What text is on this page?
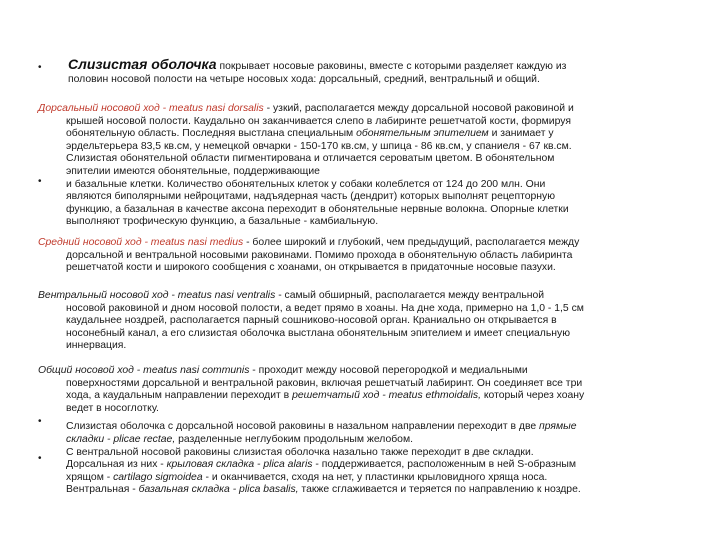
• Слизистая оболочка покрывает носовые раковины, вместе с которыми разделяет каждую из
половин носовой полости на четыре носовых хода: дорсальный, средний, вентральный и общий.
Дорсальный носовой ход - meatus nasi dorsalis - узкий, располагается между дорсальной носовой раковиной и
крышей носовой полости. Каудально он заканчивается слепо в лабиринте решетчатой кости, формируя
обонятельную область. Последняя выстлана специальным обонятельным эпителием и занимает у
эрдельтерьера 83,5 кв.см, у немецкой овчарки - 150-170 кв.см, у шпица - 86 кв.см, у спаниеля - 67 кв.см.
Слизистая обонятельной области пигментирована и отличается сероватым цветом. В обонятельном
эпителии имеются обонятельные, поддерживающие
и базальные клетки. Количество обонятельных клеток у собаки колеблется от 124 до 200 млн. Они
являются биполярными нейроцитами, надъядерная часть (дендрит) которых выполнят рецепторную
функцию, а базальная в качестве аксона переходит в обонятельные нервные волокна. Опорные клетки
выполняют трофическую функцию, а базальные - камбиальную.
•
Средний носовой ход - meatus nasi medius - более широкий и глубокий, чем предыдущий, располагается между
дорсальной и вентральной носовыми раковинами. Помимо прохода в обонятельную область лабиринта
решетчатой кости и широкого сообщения с хоанами, он открывается в придаточные носовые пазухи.
Вентральный носовой ход - meatus nasi ventralis - самый обширный, располагается между вентральной
носовой раковиной и дном носовой полости, а ведет прямо в хоаны. На дне хода, примерно на 1,0 - 1,5 см
каудальнее ноздрей, располагается парный сошниково-носовой орган. Краниально он открывается в
носонебный канал, а его слизистая оболочка выстлана обонятельным эпителием и имеет специальную
иннервация.
Общий носовой ход - meatus nasi communis - проходит между носовой перегородкой и медиальными
поверхностями дорсальной и вентральной раковин, включая решетчатый лабиринт. Он соединяет все три
хода, а каудальным направлении переходит в решетчатый ход - meatus ethmoidalis, который через хоану
ведет в носоглотку.
Слизистая оболочка с дорсальной носовой раковины в назальном направлении переходит в две прямые
складки - plicae rectae, разделенные неглубоким продольным желобом.
С вентральной носовой раковины слизистая оболочка назально также переходит в две складки.
Дорсальная из них - крыловая складка - plica alaris - поддерживается, расположенным в ней S-образным
хрящом - cartilago sigmoidea - и оканчивается, сходя на нет, у пластинки крыловидного хряща носа.
Вентральная - базальная складка - plica basalis, также сглаживается и теряется по направлению к ноздре.
•
•
